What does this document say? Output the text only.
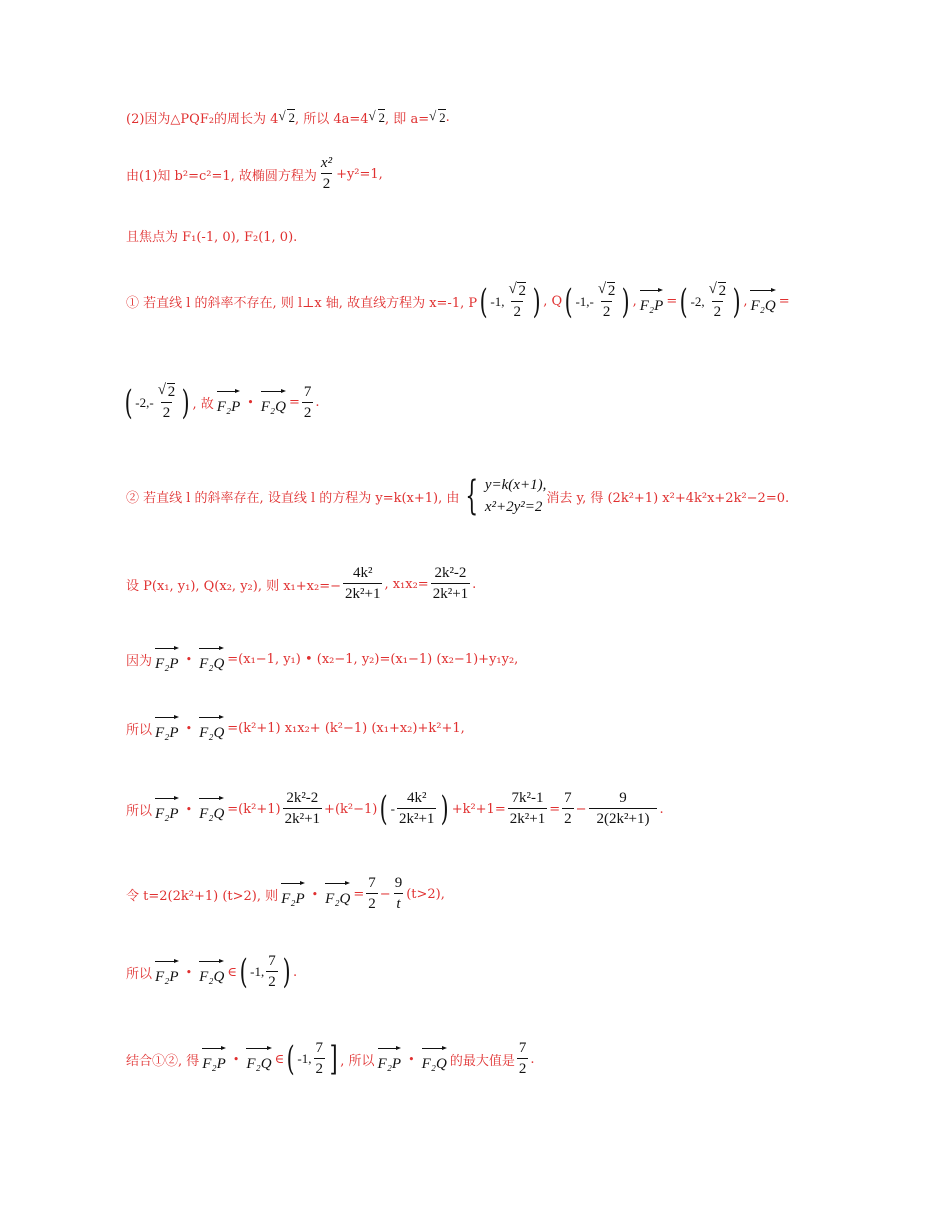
(2)因为△PQF₂的周长为 4 √ 2 , 所以 4a=4 √ 2 , 即 a= √ 2 .
由(1)知 b²=c²=1, 故椭圆方程为 $\frac{\text{x²}}{2} +y^2=1$,
且焦点为 F₁(-1, 0), F₂(1, 0).
① 若直线 l 的斜率不存在, 则 l⊥x 轴, 故直线方程为 x=-1, P ( -1, √ $\frac{2}{2}$ ) , Q ( -1,- √ $\frac{2}{2}$ ) , F₂P = ( -2, √ $\frac{2}{2}$ ) , F₂Q =
( -2,- √ $\frac{2}{2}$ ) , 故 F₂P • $F_2Q = \frac{7}{2}$ .
② 若直线 l 的斜率存在, 设直线 l 的方程为 y=k(x+1), 由 { y=k(x+1),
x²+2y²=2
消去 y, 得 (2k²+1) x²+4k²x+2k²−2=0.
设 P(x₁, y₁), Q(x₂, y₂), 则 $x_1+x_2=- \frac{\text{4k²}}{\text{2k²+1}}$ , $x_1x_2= \frac{\text{2k²-2}}{\text{2k²+1}}$ .
因为 F₂P • F₂Q =(x₁−1, y₁) • (x₂−1, y₂)=(x₁−1) (x₂−1)+y₁y₂,
所以 F₂P • F₂Q =(k²+1) x₁x₂+ (k²−1) (x₁+x₂)+k²+1,
所以 F₂P • $F_2Q =(k^2+1) \frac{\text{2k²-2}}{\text{2k²+1}} +(k^2-1)$ ( - $\frac{\text{4k²}}{\text{2k²+1}}$ ) $+k^2+1= \frac{\text{7k²-1}}{\text{2k²+1}} = \frac{7}{2} - \frac{9}{\text{2(2k²+1)}}$ .
令 t=2(2k²+1) (t>2), 则 F₂P • $F_2Q = \frac{7}{2} - \frac{9}{t} (t>2)$,
所以 F₂P • F₂Q ∈ ( -1, $\frac{7}{2}$ ) .
结合①②, 得 F₂P • F₂Q ∈ ( -1, $\frac{7}{2}$ ] , 所以 F₂P • F₂Q 的最大值是 $\frac{7}{2}$ .
